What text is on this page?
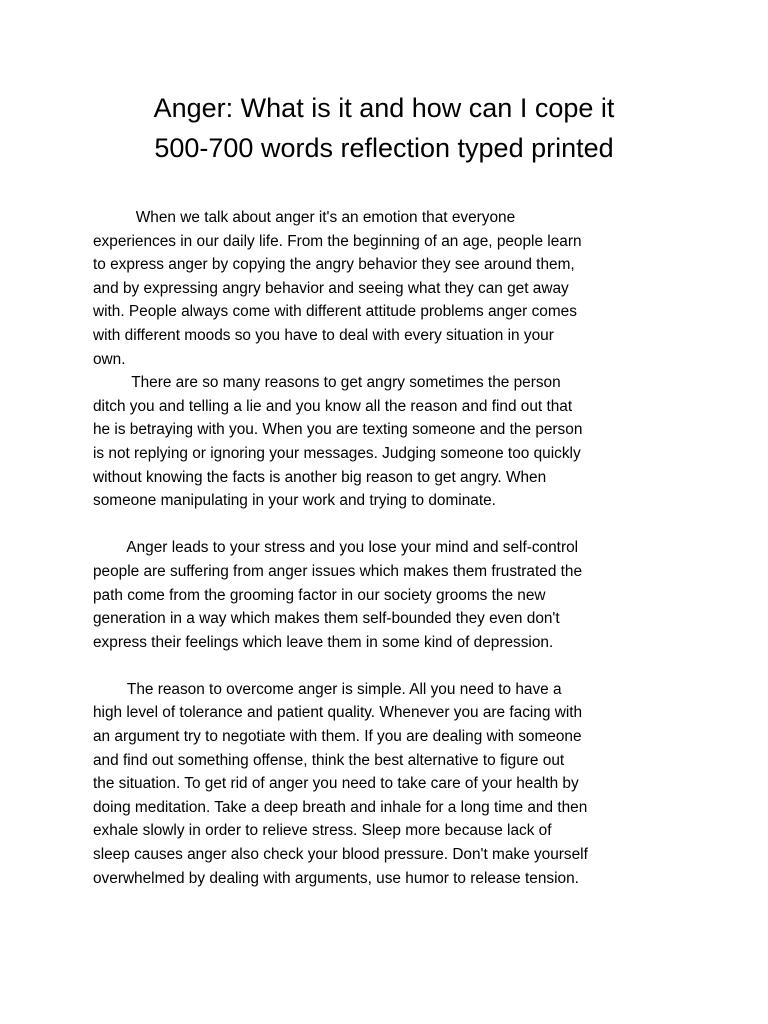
Anger: What is it and how can I cope it
500-700 words reflection typed printed

When we talk about anger it's an emotion that everyone
experiences in our daily life. From the beginning of an age, people learn
to express anger by copying the angry behavior they see around them,
and by expressing angry behavior and seeing what they can get away
with. People always come with different attitude problems anger comes
with different moods so you have to deal with every situation in your
own.

There are so many reasons to get angry sometimes the person
ditch you and telling a lie and you know all the reason and find out that
he is betraying with you. When you are texting someone and the person
is not replying or ignoring your messages. Judging someone too quickly
without knowing the facts is another big reason to get angry. When
someone manipulating in your work and trying to dominate.

Anger leads to your stress and you lose your mind and self-control
people are suffering from anger issues which makes them frustrated the
path come from the grooming factor in our society grooms the new
generation in a way which makes them self-bounded they even don't
express their feelings which leave them in some kind of depression.

The reason to overcome anger is simple. All you need to have a
high level of tolerance and patient quality. Whenever you are facing with
an argument try to negotiate with them. If you are dealing with someone
and find out something offense, think the best alternative to figure out
the situation. To get rid of anger you need to take care of your health by
doing meditation. Take a deep breath and inhale for a long time and then
exhale slowly in order to relieve stress. Sleep more because lack of
sleep causes anger also check your blood pressure. Don't make yourself
overwhelmed by dealing with arguments, use humor to release tension.
